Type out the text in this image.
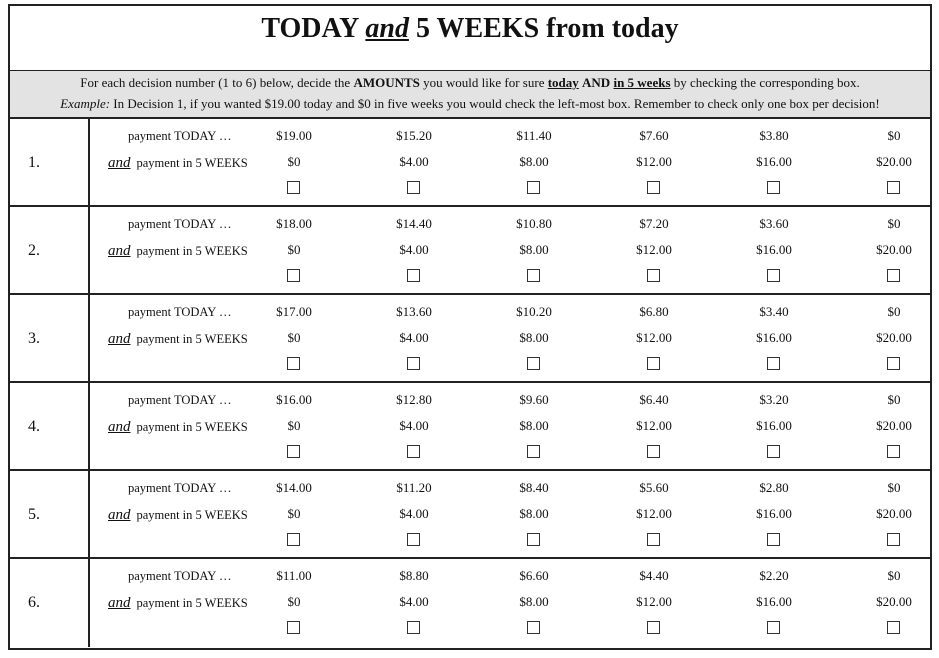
TODAY and 5 WEEKS from today
For each decision number (1 to 6) below, decide the AMOUNTS you would like for sure today AND in 5 weeks by checking the corresponding box.
Example: In Decision 1, if you wanted $19.00 today and $0 in five weeks you would check the left-most box. Remember to check only one box per decision!
1.
payment TODAY …
and payment in 5 WEEKS
$19.00
$0
$15.20
$4.00
$11.40
$8.00
$7.60
$12.00
$3.80
$16.00
$0
$20.00
2.
payment TODAY …
and payment in 5 WEEKS
$18.00
$0
$14.40
$4.00
$10.80
$8.00
$7.20
$12.00
$3.60
$16.00
$0
$20.00
3.
payment TODAY …
and payment in 5 WEEKS
$17.00
$0
$13.60
$4.00
$10.20
$8.00
$6.80
$12.00
$3.40
$16.00
$0
$20.00
4.
payment TODAY …
and payment in 5 WEEKS
$16.00
$0
$12.80
$4.00
$9.60
$8.00
$6.40
$12.00
$3.20
$16.00
$0
$20.00
5.
payment TODAY …
and payment in 5 WEEKS
$14.00
$0
$11.20
$4.00
$8.40
$8.00
$5.60
$12.00
$2.80
$16.00
$0
$20.00
6.
payment TODAY …
and payment in 5 WEEKS
$11.00
$0
$8.80
$4.00
$6.60
$8.00
$4.40
$12.00
$2.20
$16.00
$0
$20.00
